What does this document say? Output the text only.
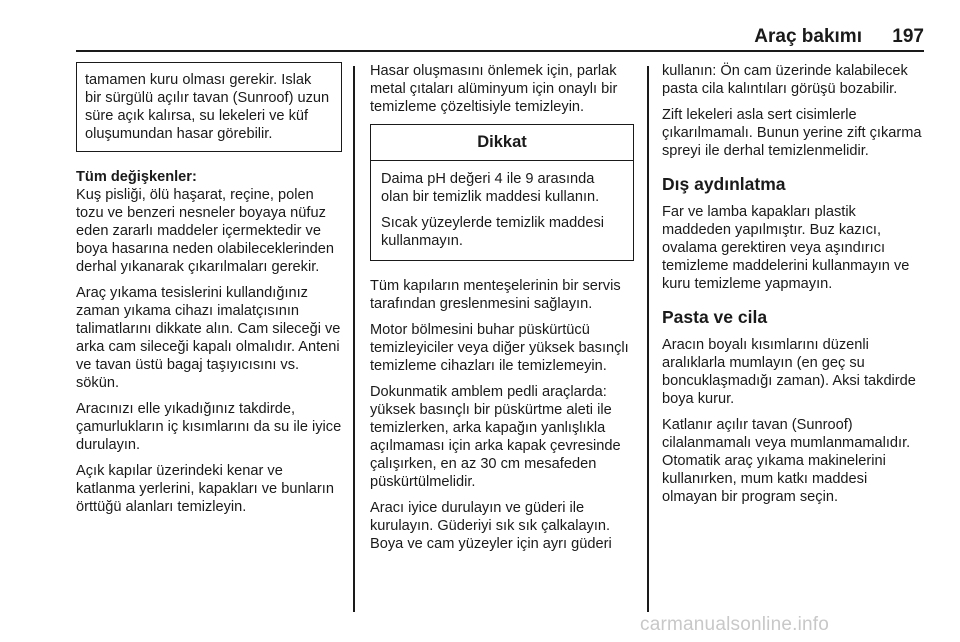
Araç bakımı 197

tamamen kuru olması gerekir. Islak bir sürgülü açılır tavan (Sunroof) uzun süre açık kalırsa, su lekeleri ve küf oluşumundan hasar görebilir.

Tüm değişkenler:

Kuş pisliği, ölü haşarat, reçine, polen tozu ve benzeri nesneler boyaya nüfuz eden zararlı maddeler içermektedir ve boya hasarına neden olabileceklerinden derhal yıkanarak çıkarılmaları gerekir.

Araç yıkama tesislerini kullandığınız zaman yıkama cihazı imalatçısının talimatlarını dikkate alın. Cam sileceği ve arka cam sileceği kapalı olmalıdır. Anteni ve tavan üstü bagaj taşıyıcısını vs. sökün.

Aracınızı elle yıkadığınız takdirde, çamurlukların iç kısımlarını da su ile iyice durulayın.

Açık kapılar üzerindeki kenar ve katlanma yerlerini, kapakları ve bunların örttüğü alanları temizleyin.

Hasar oluşmasını önlemek için, parlak metal çıtaları alüminyum için onaylı bir temizleme çözeltisiyle temizleyin.

Dikkat

Daima pH değeri 4 ile 9 arasında olan bir temizlik maddesi kullanın.

Sıcak yüzeylerde temizlik maddesi kullanmayın.

Tüm kapıların menteşelerinin bir servis tarafından greslenmesini sağlayın.

Motor bölmesini buhar püskürtücü temizleyiciler veya diğer yüksek basınçlı temizleme cihazları ile temizlemeyin.

Dokunmatik amblem pedli araçlarda: yüksek basınçlı bir püskürtme aleti ile temizlerken, arka kapağın yanlışlıkla açılmaması için arka kapak çevresinde çalışırken, en az 30 cm mesafeden püskürtülmelidir.

Aracı iyice durulayın ve güderi ile kurulayın. Güderiyi sık sık çalkalayın. Boya ve cam yüzeyler için ayrı güderi

kullanın: Ön cam üzerinde kalabilecek pasta cila kalıntıları görüşü bozabilir.

Zift lekeleri asla sert cisimlerle çıkarılmamalı. Bunun yerine zift çıkarma spreyi ile derhal temizlenmelidir.

Dış aydınlatma

Far ve lamba kapakları plastik maddeden yapılmıştır. Buz kazıcı, ovalama gerektiren veya aşındırıcı temizleme maddelerini kullanmayın ve kuru temizleme yapmayın.

Pasta ve cila

Aracın boyalı kısımlarını düzenli aralıklarla mumlayın (en geç su boncuklaşmadığı zaman). Aksi takdirde boya kurur.

Katlanır açılır tavan (Sunroof) cilalanmamalı veya mumlanmamalıdır. Otomatik araç yıkama makinelerini kullanırken, mum katkı maddesi olmayan bir program seçin.

carmanualsonline.info
